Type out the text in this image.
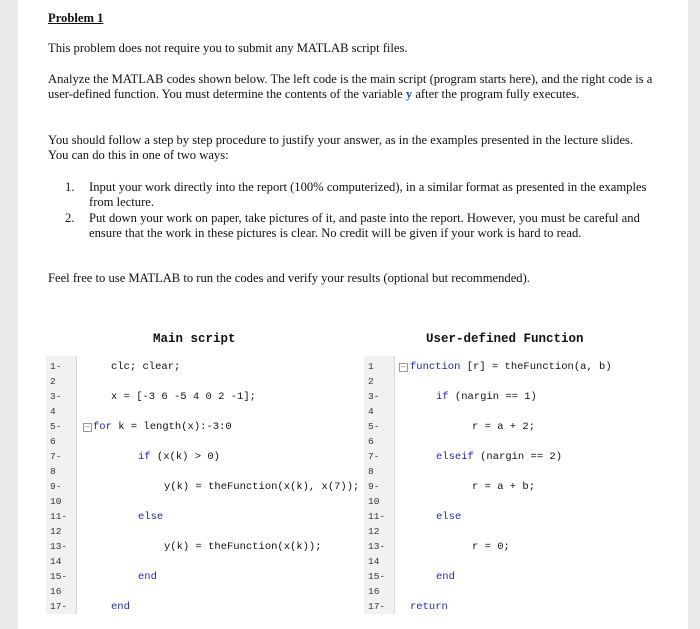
Problem 1

This problem does not require you to submit any MATLAB script files.

Analyze the MATLAB codes shown below. The left code is the main script (program starts here), and the right code is a user-defined function. You must determine the contents of the variable y after the program fully executes.

You should follow a step by step procedure to justify your answer, as in the examples presented in the lecture slides. You can do this in one of two ways:

1. Input your work directly into the report (100% computerized), in a similar format as presented in the examples from lecture.
2. Put down your work on paper, take pictures of it, and paste into the report. However, you must be careful and ensure that the work in these pictures is clear. No credit will be given if your work is hard to read.

Feel free to use MATLAB to run the codes and verify your results (optional but recommended).

Main script	User-defined Function
1-
2
3-
4
5-
6
7-
8
9-
10
11-
12
13-
14
15-
16
17-
−
clc; clear;
x = [-3 6 -5 4 0 2 -1];
for k = length(x):-3:0
if (x(k) > 0)
y(k) = theFunction(x(k), x(7));
else
y(k) = theFunction(x(k));
end
end
1
2
3-
4
5-
6
7-
8
9-
10
11-
12
13-
14
15-
16
17-
− function [r] = theFunction(a, b)
if (nargin == 1)
r = a + 2;
elseif (nargin == 2)
r = a + b;
else
r = 0;
end
return
